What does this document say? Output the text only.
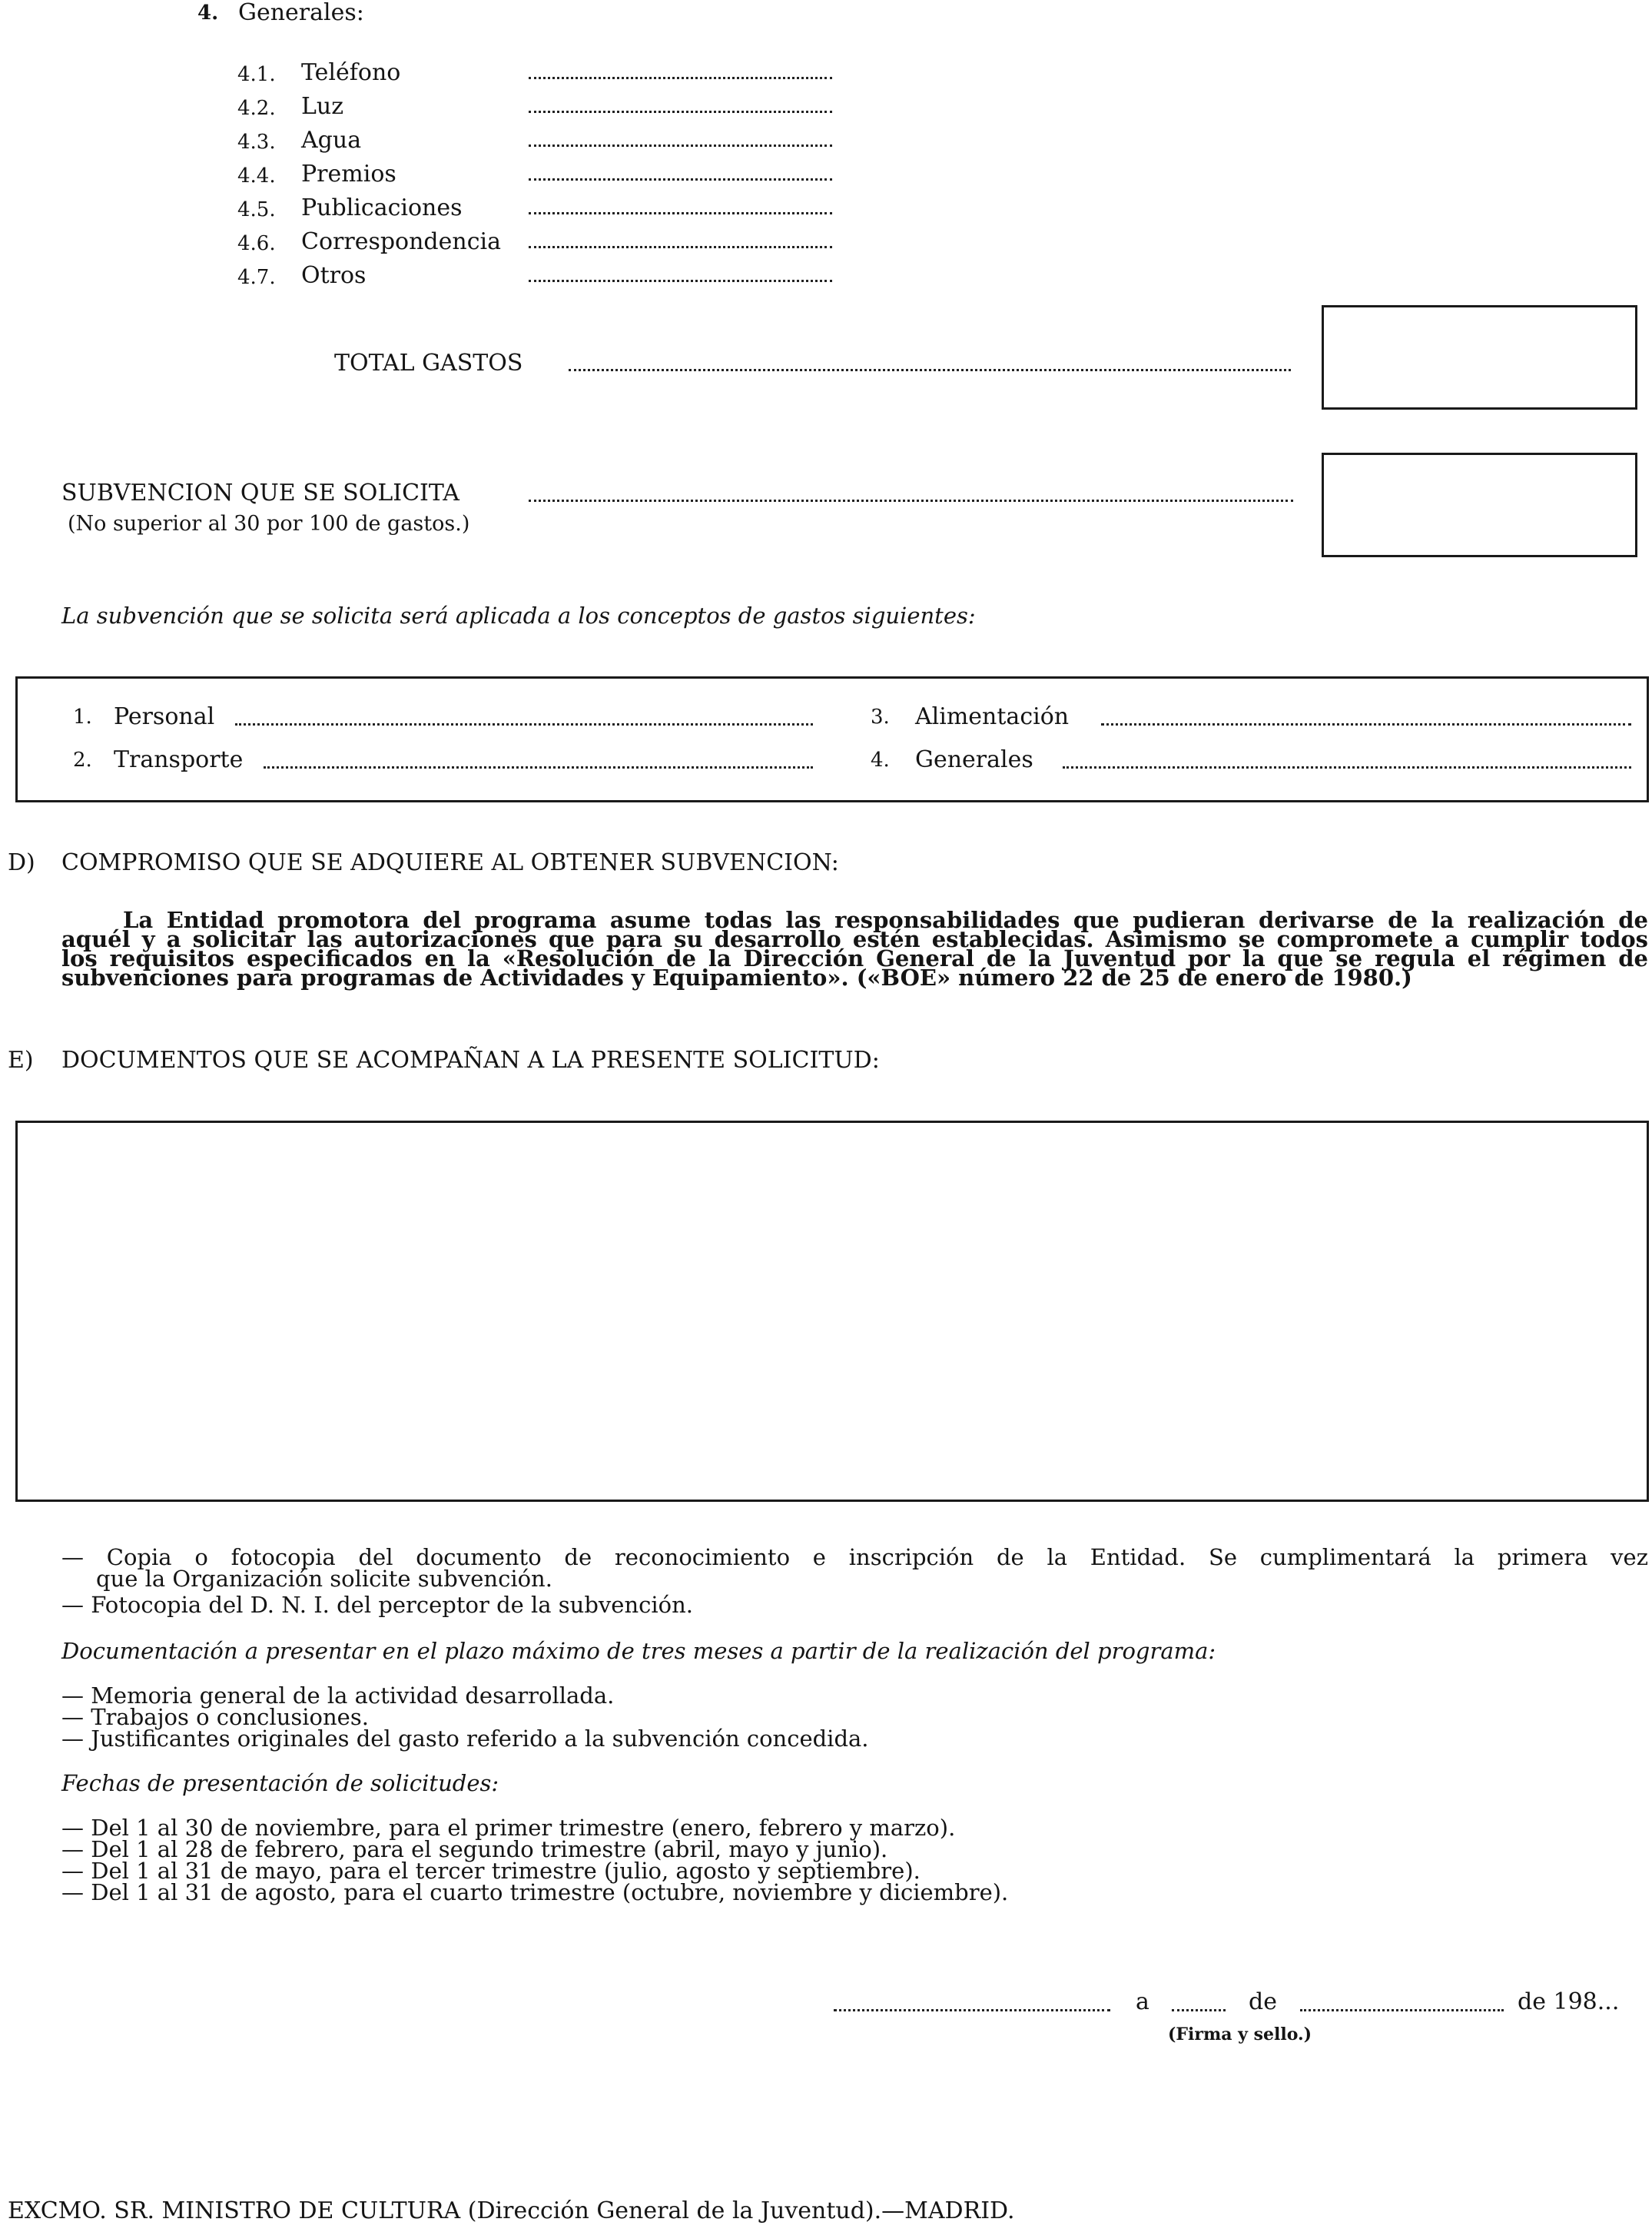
4. Generales:
4.1. Teléfono
4.2. Luz
4.3. Agua
4.4. Premios
4.5. Publicaciones
4.6. Correspondencia
4.7. Otros
TOTAL GASTOS
SUBVENCION QUE SE SOLICITA
(No superior al 30 por 100 de gastos.)
La subvención que se solicita será aplicada a los conceptos de gastos siguientes:
1. Personal
2. Transporte
3. Alimentación
4. Generales
D) COMPROMISO QUE SE ADQUIERE AL OBTENER SUBVENCION:
La Entidad promotora del programa asume todas las responsabilidades que pudieran derivarse de la realización de
aquél y a solicitar las autorizaciones que para su desarrollo estén establecidas. Asimismo se compromete a cumplir todos
los requisitos especificados en la «Resolución de la Dirección General de la Juventud por la que se regula el régimen de
subvenciones para programas de Actividades y Equipamiento». («BOE» número 22 de 25 de enero de 1980.)
E) DOCUMENTOS QUE SE ACOMPAÑAN A LA PRESENTE SOLICITUD:
— Copia o fotocopia del documento de reconocimiento e inscripción de la Entidad. Se cumplimentará la primera vez
que la Organización solicite subvención.
— Fotocopia del D. N. I. del perceptor de la subvención.
Documentación a presentar en el plazo máximo de tres meses a partir de la realización del programa:
— Memoria general de la actividad desarrollada.
— Trabajos o conclusiones.
— Justificantes originales del gasto referido a la subvención concedida.
Fechas de presentación de solicitudes:
— Del 1 al 30 de noviembre, para el primer trimestre (enero, febrero y marzo).
— Del 1 al 28 de febrero, para el segundo trimestre (abril, mayo y junio).
— Del 1 al 31 de mayo, para el tercer trimestre (julio, agosto y septiembre).
— Del 1 al 31 de agosto, para el cuarto trimestre (octubre, noviembre y diciembre).
a	de	de 198...
(Firma y sello.)
EXCMO. SR. MINISTRO DE CULTURA (Dirección General de la Juventud).—MADRID.
